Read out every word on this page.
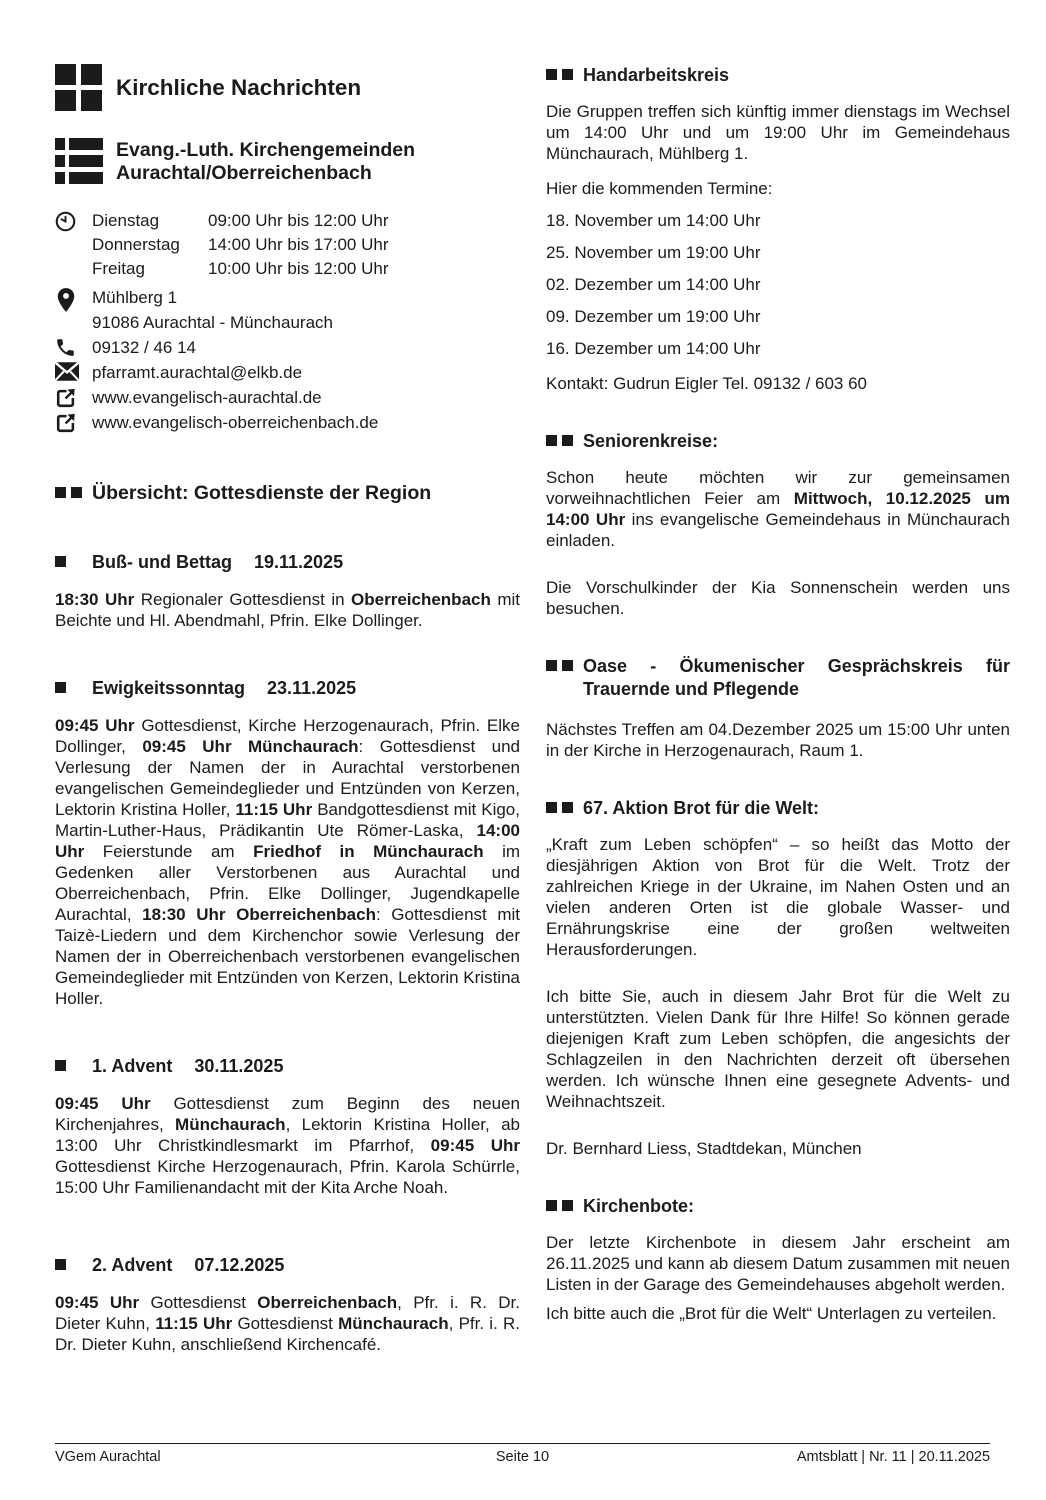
Kirchliche Nachrichten
Evang.-Luth. Kirchengemeinden
Aurachtal/Oberreichenbach
Dienstag	09:00 Uhr bis 12:00 Uhr
Donnerstag	14:00 Uhr bis 17:00 Uhr
Freitag	10:00 Uhr bis 12:00 Uhr
Mühlberg 1
91086 Aurachtal - Münchaurach
09132 / 46 14
pfarramt.aurachtal@elkb.de
www.evangelisch-aurachtal.de
www.evangelisch-oberreichenbach.de
Übersicht: Gottesdienste der Region
Buß- und Bettag 19.11.2025

18:30 Uhr Regionaler Gottesdienst in Oberreichenbach mit Beichte und Hl. Abendmahl, Pfrin. Elke Dollinger.

Ewigkeitssonntag 23.11.2025

09:45 Uhr Gottesdienst, Kirche Herzogenaurach, Pfrin. Elke Dollinger, 09:45 Uhr Münchaurach: Gottesdienst und Verlesung der Namen der in Aurachtal verstorbenen evangelischen Gemeindeglieder und Entzünden von Kerzen, Lektorin Kristina Holler, 11:15 Uhr Bandgottesdienst mit Kigo, Martin-Luther-Haus, Prädikantin Ute Römer-Laska, 14:00 Uhr Feierstunde am Friedhof in Münchaurach im Gedenken aller Verstorbenen aus Aurachtal und Oberreichenbach, Pfrin. Elke Dollinger, Jugendkapelle Aurachtal, 18:30 Uhr Oberreichenbach: Gottesdienst mit Taizè-Liedern und dem Kirchenchor sowie Verlesung der Namen der in Oberreichenbach verstorbenen evangelischen Gemeindeglieder mit Entzünden von Kerzen, Lektorin Kristina Holler.

1. Advent 30.11.2025

09:45 Uhr Gottesdienst zum Beginn des neuen Kirchenjahres, Münchaurach, Lektorin Kristina Holler, ab 13:00 Uhr Christkindlesmarkt im Pfarrhof, 09:45 Uhr Gottesdienst Kirche Herzogenaurach, Pfrin. Karola Schürrle, 15:00 Uhr Familienandacht mit der Kita Arche Noah.

2. Advent 07.12.2025

09:45 Uhr Gottesdienst Oberreichenbach, Pfr. i. R. Dr. Dieter Kuhn, 11:15 Uhr Gottesdienst Münchaurach, Pfr. i. R. Dr. Dieter Kuhn, anschließend Kirchencafé.

Handarbeitskreis

Die Gruppen treffen sich künftig immer dienstags im Wechsel um 14:00 Uhr und um 19:00 Uhr im Gemeindehaus Münchaurach, Mühlberg 1.

Hier die kommenden Termine:

18. November um 14:00 Uhr
25. November um 19:00 Uhr
02. Dezember um 14:00 Uhr
09. Dezember um 19:00 Uhr
16. Dezember um 14:00 Uhr

Kontakt: Gudrun Eigler Tel. 09132 / 603 60

Seniorenkreise:

Schon heute möchten wir zur gemeinsamen vorweihnachtlichen Feier am Mittwoch, 10.12.2025 um 14:00 Uhr ins evangelische Gemeindehaus in Münchaurach einladen.

Die Vorschulkinder der Kia Sonnenschein werden uns besuchen.

Oase - Ökumenischer Gesprächskreis für
Trauernde und Pflegende

Nächstes Treffen am 04.Dezember 2025 um 15:00 Uhr unten in der Kirche in Herzogenaurach, Raum 1.

67. Aktion Brot für die Welt:

„Kraft zum Leben schöpfen“ – so heißt das Motto der diesjährigen Aktion von Brot für die Welt. Trotz der zahlreichen Kriege in der Ukraine, im Nahen Osten und an vielen anderen Orten ist die globale Wasser- und Ernährungskrise eine der großen weltweiten Herausforderungen.

Ich bitte Sie, auch in diesem Jahr Brot für die Welt zu unterstützten. Vielen Dank für Ihre Hilfe! So können gerade diejenigen Kraft zum Leben schöpfen, die angesichts der Schlagzeilen in den Nachrichten derzeit oft übersehen werden. Ich wünsche Ihnen eine gesegnete Advents- und Weihnachtszeit.

Dr. Bernhard Liess, Stadtdekan, München

Kirchenbote:

Der letzte Kirchenbote in diesem Jahr erscheint am 26.11.2025 und kann ab diesem Datum zusammen mit neuen Listen in der Garage des Gemeindehauses abgeholt werden.

Ich bitte auch die „Brot für die Welt“ Unterlagen zu verteilen.

VGem Aurachtal	Seite 10	Amtsblatt | Nr. 11 | 20.11.2025
